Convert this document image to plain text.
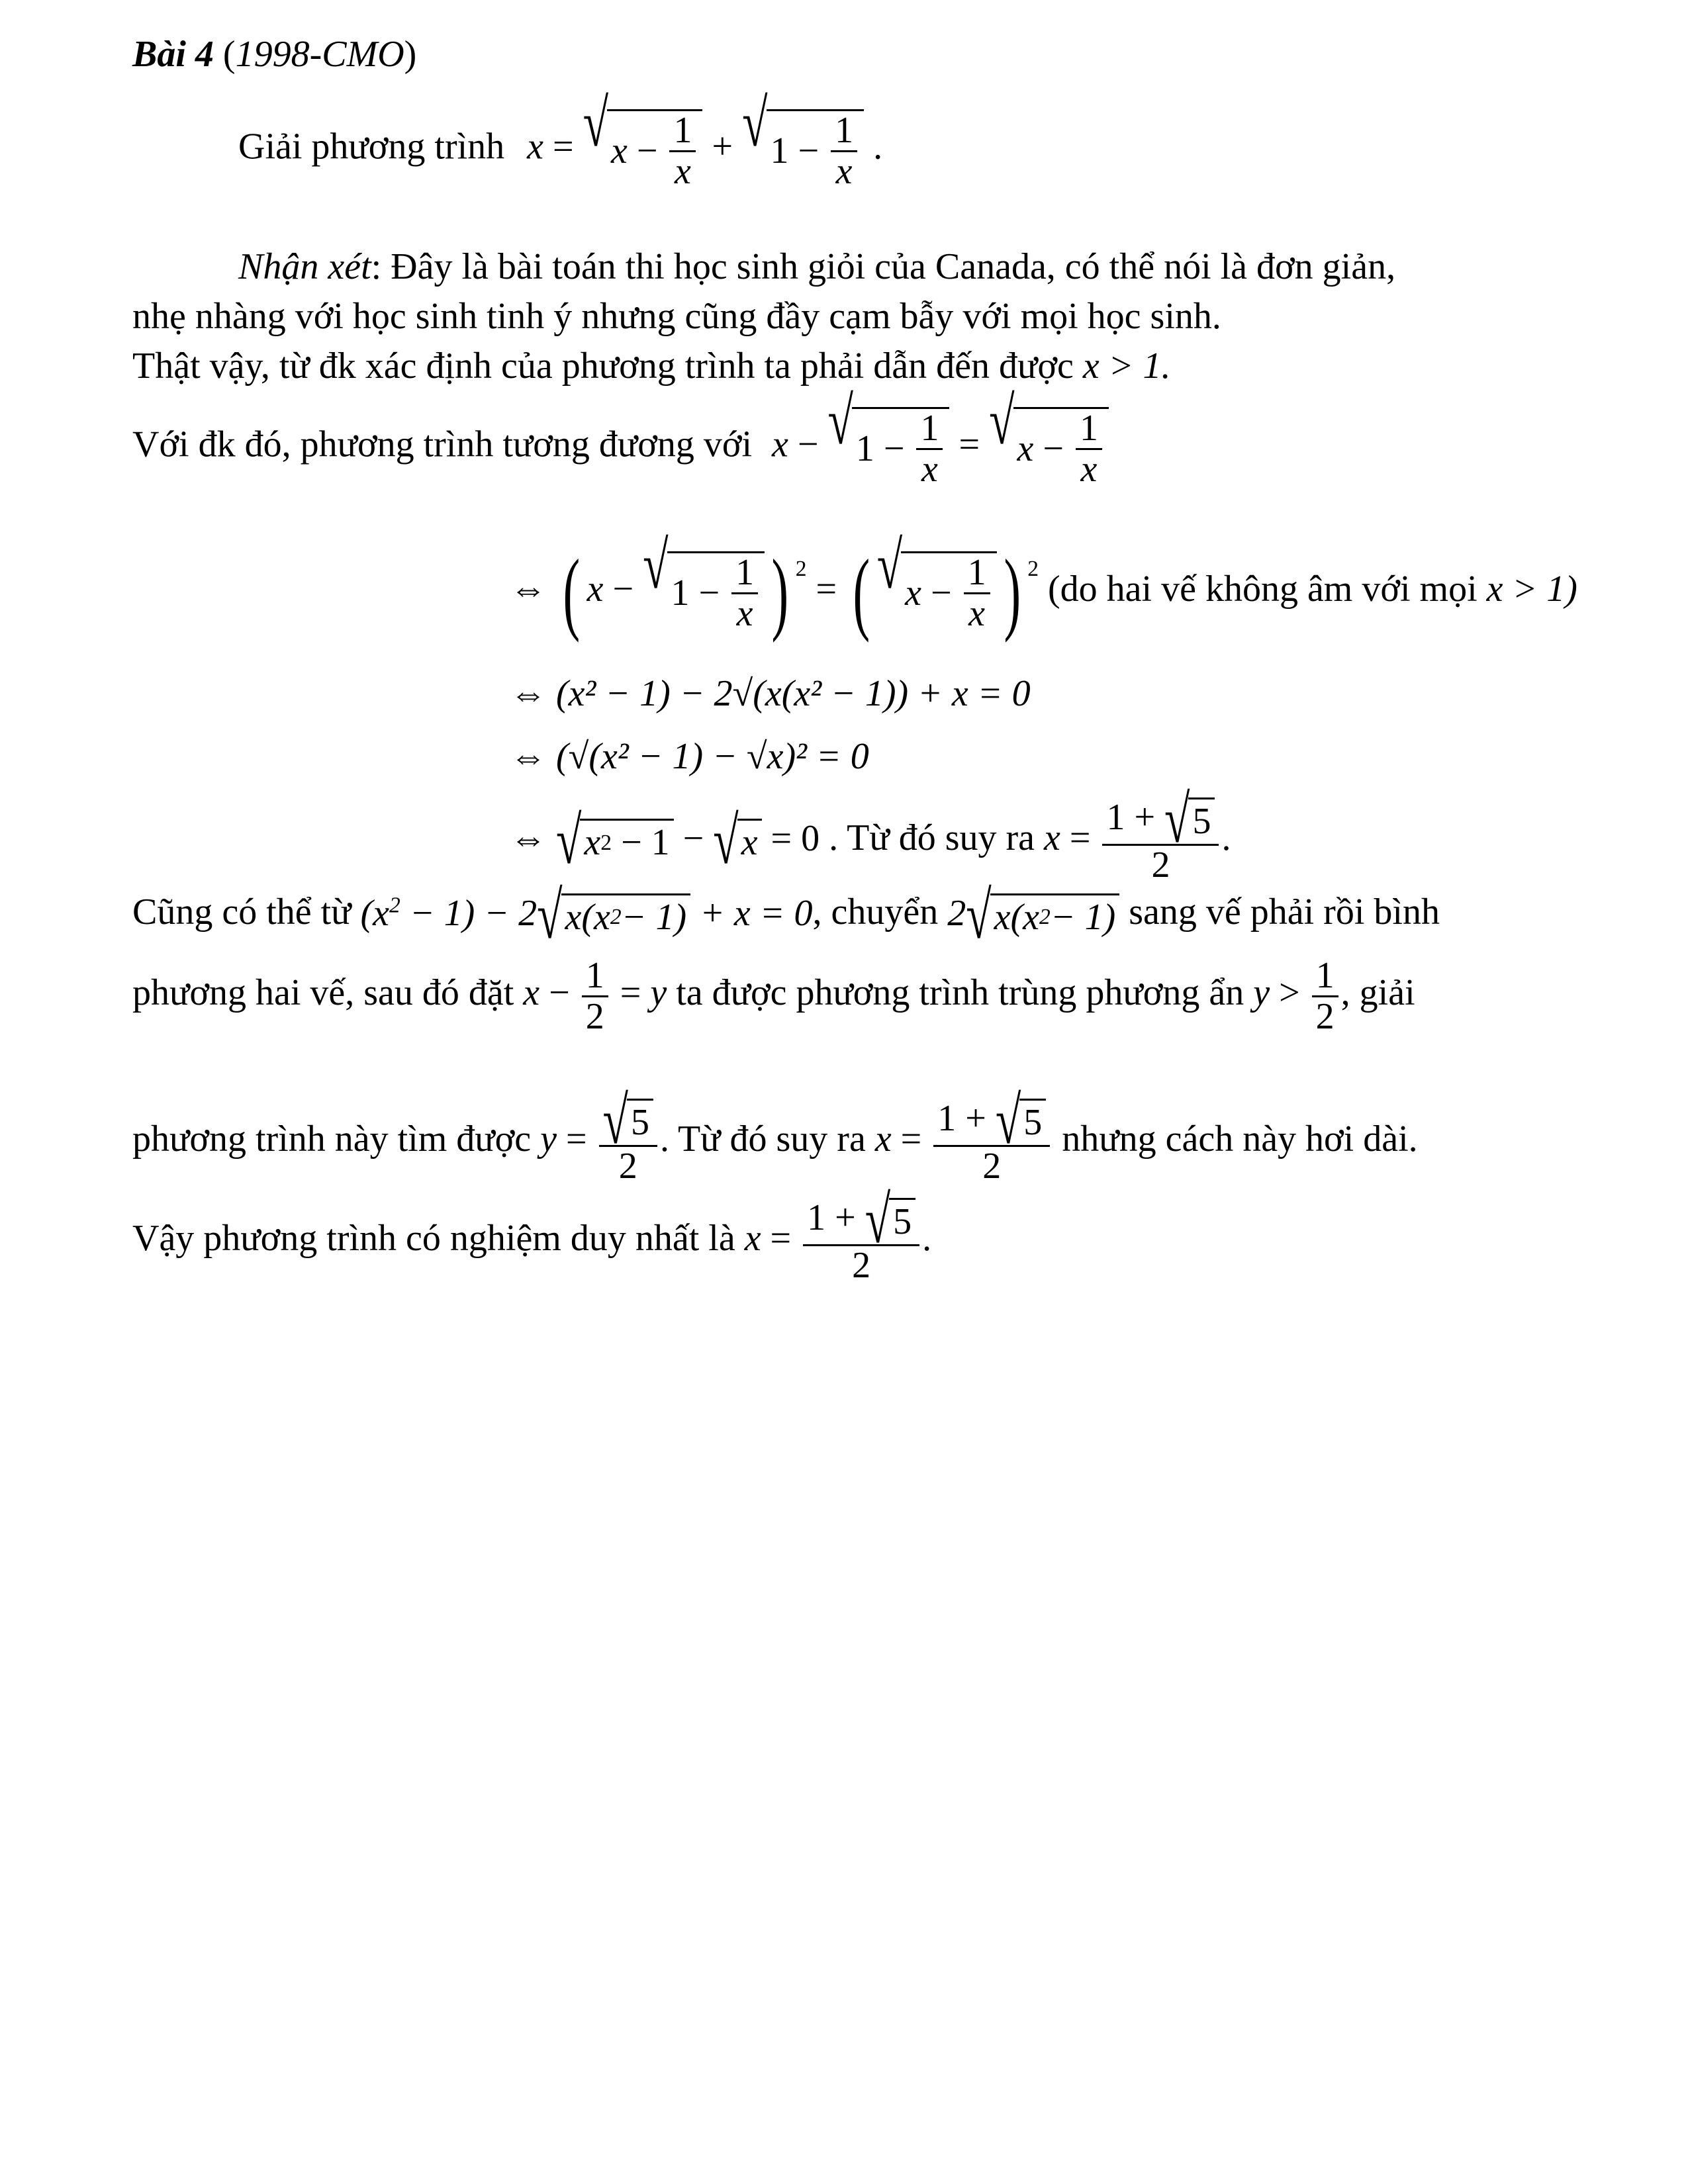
Bài 4 (1998-CMO)
Giải phương trình x = √ $x - \frac{1}{x}$ + √ $1 - \frac{1}{x}$ .
Nhận xét: Đây là bài toán thi học sinh giỏi của Canada, có thể nói là đơn giản,
nhẹ nhàng với học sinh tinh ý nhưng cũng đầy cạm bẫy với mọi học sinh.
Thật vậy, từ đk xác định của phương trình ta phải dẫn đến được x > 1.
Với đk đó, phương trình tương đương với x − √ $1 - \frac{1}{x}$ = √ $x - \frac{1}{x}$
⇔ ( x − √ $1 - \frac{1}{x}$ ) $^2$ = ( √ $x - \frac{1}{x}$ ) $^2$ (do hai vế không âm với mọi x > 1)
⇔ (x² − 1) − 2√(x(x² − 1)) + x = 0
⇔ (√(x² − 1) − √x)² = 0
⇔ √ x 2 − 1 − √ x = 0 . Từ đó suy ra $x = \frac{1 + √ 5}{2}$ .
Cũng có thể từ $(x^2 - 1) - 2$ √ x(x 2 − 1) + x = 0, chuyển 2 √ x(x 2 − 1) sang vế phải rồi bình
phương hai vế, sau đó đặt $x - \frac{1}{2} = y$ ta được phương trình trùng phương ẩn $y > \frac{1}{2}$ , giải
phương trình này tìm được $y = \frac{√ 5}{2}$ . Từ đó suy ra $x = \frac{1 + √ 5}{2}$ nhưng cách này hơi dài.
Vậy phương trình có nghiệm duy nhất là $x = \frac{1 + √ 5}{2}$ .
